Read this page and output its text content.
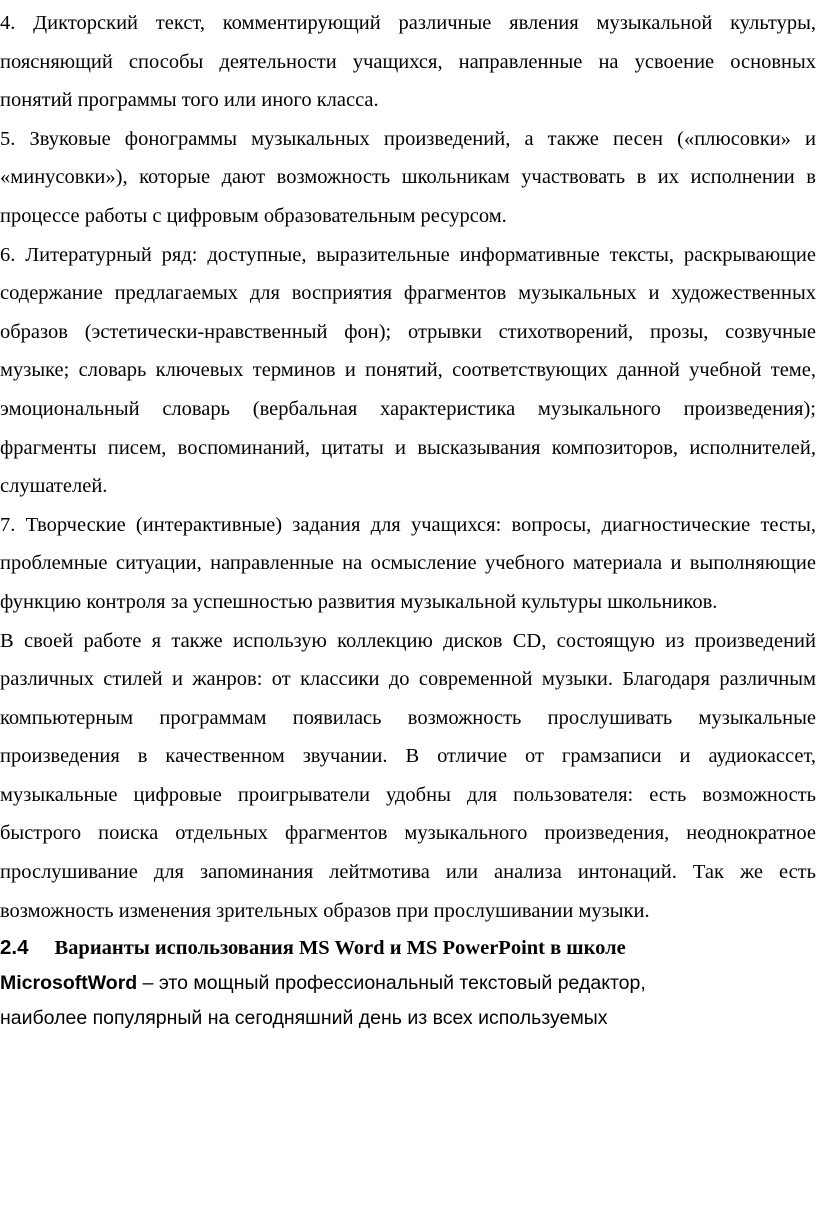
4. Дикторский текст, комментирующий различные явления музыкальной культуры, поясняющий способы деятельности учащихся, направленные на усвоение основных понятий программы того или иного класса.

5. Звуковые фонограммы музыкальных произведений, а также песен («плюсовки» и «минусовки»), которые дают возможность школьникам участвовать в их исполнении в процессе работы с цифровым образовательным ресурсом.

6. Литературный ряд: доступные, выразительные информативные тексты, раскрывающие содержание предлагаемых для восприятия фрагментов музыкальных и художественных образов (эстетически-нравственный фон); отрывки стихотворений, прозы, созвучные музыке; словарь ключевых терминов и понятий, соответствующих данной учебной теме, эмоциональный словарь (вербальная характеристика музыкального произведения); фрагменты писем, воспоминаний, цитаты и высказывания композиторов, исполнителей, слушателей.

7. Творческие (интерактивные) задания для учащихся: вопросы, диагностические тесты, проблемные ситуации, направленные на осмысление учебного материала и выполняющие функцию контроля за успешностью развития музыкальной культуры школьников.

В своей работе я также использую коллекцию дисков CD, состоящую из произведений различных стилей и жанров: от классики до современной музыки. Благодаря различным компьютерным программам появилась возможность прослушивать музыкальные произведения в качественном звучании. В отличие от грамзаписи и аудиокассет, музыкальные цифровые проигрыватели удобны для пользователя: есть возможность быстрого поиска отдельных фрагментов музыкального произведения, неоднократное прослушивание для запоминания лейтмотива или анализа интонаций. Так же есть возможность изменения зрительных образов при прослушивании музыки.

2.4 Варианты использования MS Word и MS PowerPoint в школе

MicrosoftWord – это мощный профессиональный текстовый редактор,

наиболее популярный на сегодняшний день из всех используемых
